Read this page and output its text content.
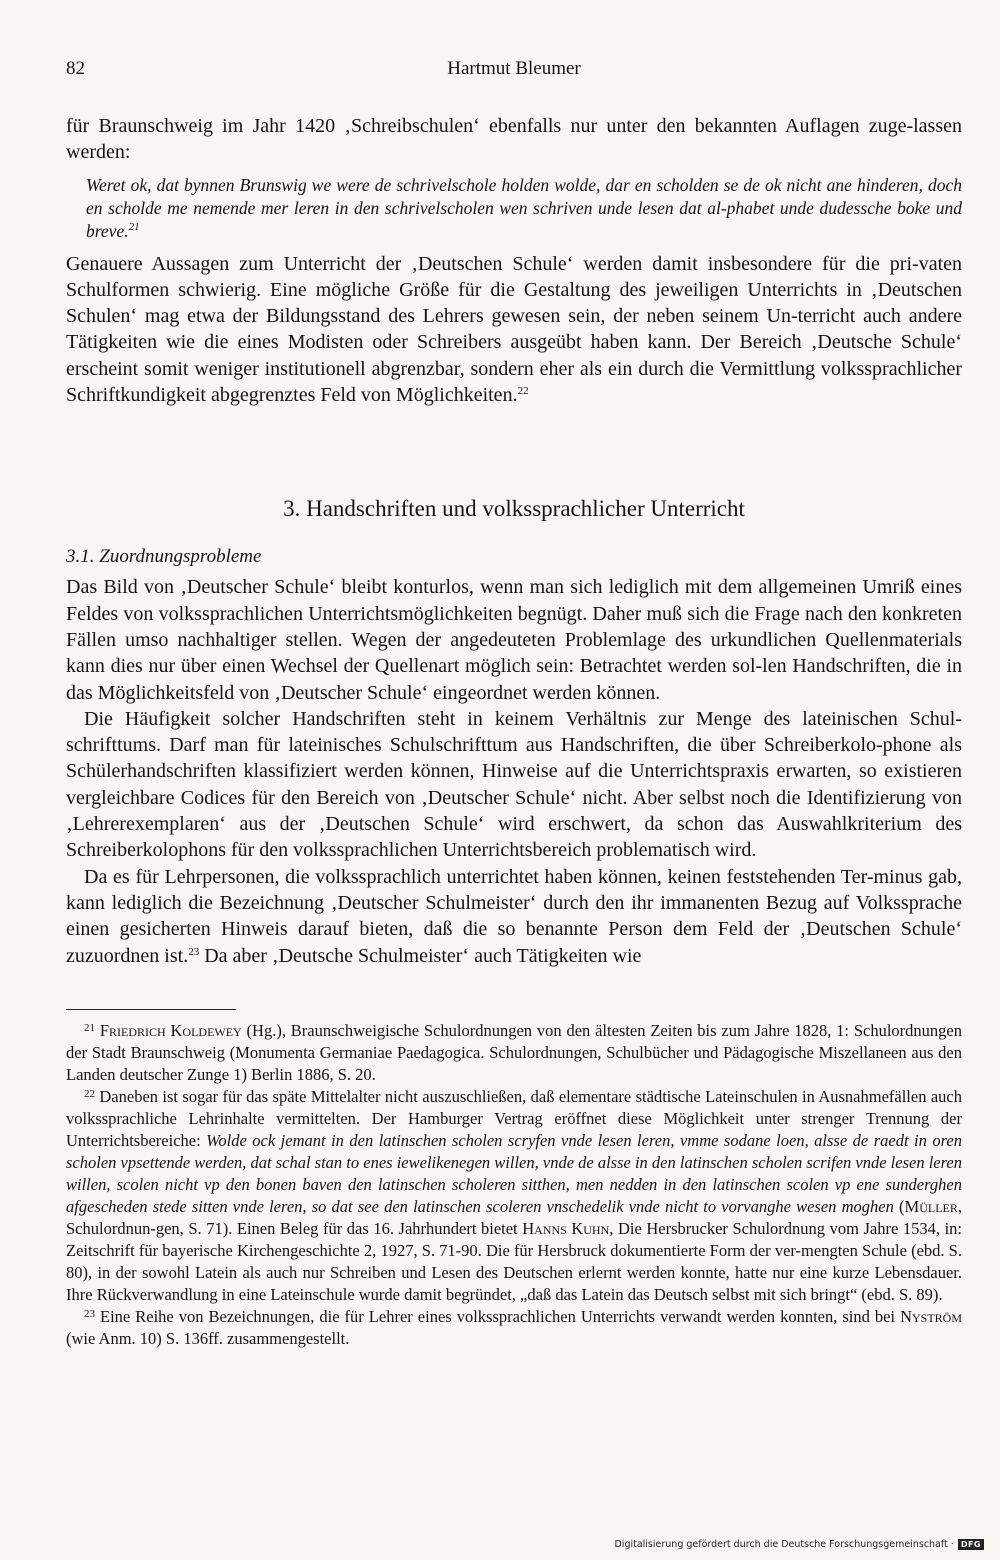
82	Hartmut Bleumer

für Braunschweig im Jahr 1420 ‚Schreibschulen‘ ebenfalls nur unter den bekannten Auflagen zuge-lassen werden:

Weret ok, dat bynnen Brunswig we were de schrivelschole holden wolde, dar en scholden se de ok nicht ane hinderen, doch en scholde me nemende mer leren in den schrivelscholen wen schriven unde lesen dat al-phabet unde dudessche boke und breve.$^{21}$

Genauere Aussagen zum Unterricht der ‚Deutschen Schule‘ werden damit insbesondere für die pri-vaten Schulformen schwierig. Eine mögliche Größe für die Gestaltung des jeweiligen Unterrichts in ‚Deutschen Schulen‘ mag etwa der Bildungsstand des Lehrers gewesen sein, der neben seinem Un-terricht auch andere Tätigkeiten wie die eines Modisten oder Schreibers ausgeübt haben kann. Der Bereich ‚Deutsche Schule‘ erscheint somit weniger institutionell abgrenzbar, sondern eher als ein durch die Vermittlung volkssprachlicher Schriftkundigkeit abgegrenztes Feld von Möglichkeiten.$^{22}$

3. Handschriften und volkssprachlicher Unterricht
3.1. Zuordnungsprobleme

Das Bild von ‚Deutscher Schule‘ bleibt konturlos, wenn man sich lediglich mit dem allgemeinen Umriß eines Feldes von volkssprachlichen Unterrichtsmöglichkeiten begnügt. Daher muß sich die Frage nach den konkreten Fällen umso nachhaltiger stellen. Wegen der angedeuteten Problemlage des urkundlichen Quellenmaterials kann dies nur über einen Wechsel der Quellenart möglich sein: Betrachtet werden sol-len Handschriften, die in das Möglichkeitsfeld von ‚Deutscher Schule‘ eingeordnet werden können.

Die Häufigkeit solcher Handschriften steht in keinem Verhältnis zur Menge des lateinischen Schul-schrifttums. Darf man für lateinisches Schulschrifttum aus Handschriften, die über Schreiberkolo-phone als Schülerhandschriften klassifiziert werden können, Hinweise auf die Unterrichtspraxis erwarten, so existieren vergleichbare Codices für den Bereich von ‚Deutscher Schule‘ nicht. Aber selbst noch die Identifizierung von ‚Lehrerexemplaren‘ aus der ‚Deutschen Schule‘ wird erschwert, da schon das Auswahlkriterium des Schreiberkolophons für den volkssprachlichen Unterrichtsbereich problematisch wird.

Da es für Lehrpersonen, die volkssprachlich unterrichtet haben können, keinen feststehenden Ter-minus gab, kann lediglich die Bezeichnung ‚Deutscher Schulmeister‘ durch den ihr immanenten Bezug auf Volkssprache einen gesicherten Hinweis darauf bieten, daß die so benannte Person dem Feld der ‚Deutschen Schule‘ zuzuordnen ist.$^{23}$ Da aber ‚Deutsche Schulmeister‘ auch Tätigkeiten wie

$^{21}$ Friedrich Koldewey (Hg.), Braunschweigische Schulordnungen von den ältesten Zeiten bis zum Jahre 1828, 1: Schulordnungen der Stadt Braunschweig (Monumenta Germaniae Paedagogica. Schulordnungen, Schulbücher und Pädagogische Miszellaneen aus den Landen deutscher Zunge 1) Berlin 1886, S. 20.

$^{22}$ Daneben ist sogar für das späte Mittelalter nicht auszuschließen, daß elementare städtische Lateinschulen in Ausnahmefällen auch volkssprachliche Lehrinhalte vermittelten. Der Hamburger Vertrag eröffnet diese Möglichkeit unter strenger Trennung der Unterrichtsbereiche: Wolde ock jemant in den latinschen scholen scryfen vnde lesen leren, vmme sodane loen, alsse de raedt in oren scholen vpsettende werden, dat schal stan to enes iewelikenegen willen, vnde de alsse in den latinschen scholen scrifen vnde lesen leren willen, scolen nicht vp den bonen baven den latinschen scholeren sitthen, men nedden in den latinschen scolen vp ene sunderghen afgescheden stede sitten vnde leren, so dat see den latinschen scoleren vnschedelik vnde nicht to vorvanghe wesen moghen (Müller, Schulordnun-gen, S. 71). Einen Beleg für das 16. Jahrhundert bietet Hanns Kuhn, Die Hersbrucker Schulordnung vom Jahre 1534, in: Zeitschrift für bayerische Kirchengeschichte 2, 1927, S. 71-90. Die für Hersbruck dokumentierte Form der ver-mengten Schule (ebd. S. 80), in der sowohl Latein als auch nur Schreiben und Lesen des Deutschen erlernt werden konnte, hatte nur eine kurze Lebensdauer. Ihre Rückverwandlung in eine Lateinschule wurde damit begründet, „daß das Latein das Deutsch selbst mit sich bringt“ (ebd. S. 89).

$^{23}$ Eine Reihe von Bezeichnungen, die für Lehrer eines volkssprachlichen Unterrichts verwandt werden konnten, sind bei Nyström (wie Anm. 10) S. 136ff. zusammengestellt.

Digitalisierung gefördert durch die Deutsche Forschungsgemeinschaft · DFG
